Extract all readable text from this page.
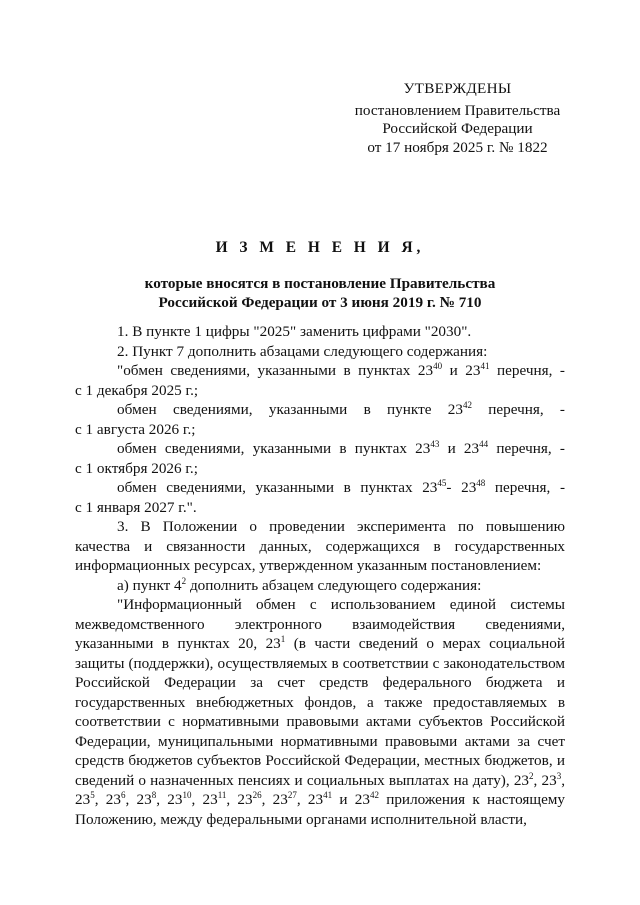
УТВЕРЖДЕНЫ
постановлением Правительства
Российской Федерации
от 17 ноября 2025 г. № 1822
И З М Е Н Е Н И Я,
которые вносятся в постановление Правительства
Российской Федерации от 3 июня 2019 г. № 710

1. В пункте 1 цифры "2025" заменить цифрами "2030".

2. Пункт 7 дополнить абзацами следующего содержания:

"обмен сведениями, указанными в пунктах $23^{40}$ и $23^{41}$ перечня, -

с 1 декабря 2025 г.;

обмен сведениями, указанными в пункте $23^{42}$ перечня, -

с 1 августа 2026 г.;

обмен сведениями, указанными в пунктах $23^{43}$ и $23^{44}$ перечня, -

с 1 октября 2026 г.;

обмен сведениями, указанными в пунктах $23^{45}-$ $23^{48}$ перечня, -

с 1 января 2027 г.".

3. В Положении о проведении эксперимента по повышению качества и связанности данных, содержащихся в государственных информационных ресурсах, утвержденном указанным постановлением:

а) пункт $4^2$ дополнить абзацем следующего содержания:

"Информационный обмен с использованием единой системы межведомственного электронного взаимодействия сведениями, указанными в пунктах 20, $23^1$ (в части сведений о мерах социальной защиты (поддержки), осуществляемых в соответствии с законодательством Российской Федерации за счет средств федерального бюджета и государственных внебюджетных фондов, а также предоставляемых в соответствии с нормативными правовыми актами субъектов Российской Федерации, муниципальными нормативными правовыми актами за счет средств бюджетов субъектов Российской Федерации, местных бюджетов, и сведений о назначенных пенсиях и социальных выплатах на дату), $23^2$, $23^3$, $23^5$, $23^6$, $23^8$, $23^{10}$, $23^{11}$, $23^{26}$, $23^{27}$, $23^{41}$ и $23^{42}$ приложения к настоящему Положению, между федеральными органами исполнительной власти,
